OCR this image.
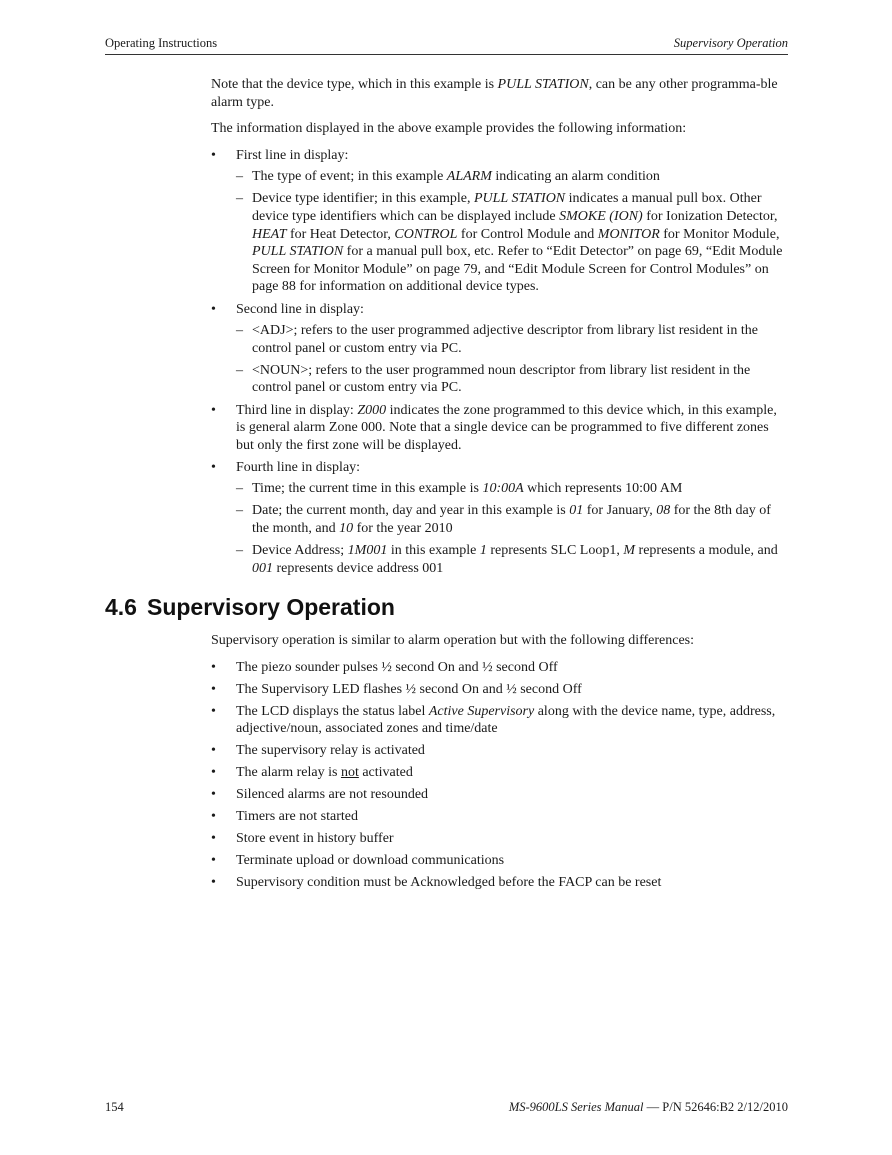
Operating Instructions	Supervisory Operation

Note that the device type, which in this example is PULL STATION, can be any other programma-ble alarm type.

The information displayed in the above example provides the following information:

• First line in display:
– The type of event; in this example ALARM indicating an alarm condition
– Device type identifier; in this example, PULL STATION indicates a manual pull box. Other device type identifiers which can be displayed include SMOKE (ION) for Ionization Detector, HEAT for Heat Detector, CONTROL for Control Module and MONITOR for Monitor Module, PULL STATION for a manual pull box, etc. Refer to “Edit Detector” on page 69, “Edit Module Screen for Monitor Module” on page 79, and “Edit Module Screen for Control Modules” on page 88 for information on additional device types.
• Second line in display:
– <ADJ>; refers to the user programmed adjective descriptor from library list resident in the control panel or custom entry via PC.
– <NOUN>; refers to the user programmed noun descriptor from library list resident in the control panel or custom entry via PC.
• Third line in display: Z000 indicates the zone programmed to this device which, in this example, is general alarm Zone 000. Note that a single device can be programmed to five different zones but only the first zone will be displayed.
• Fourth line in display:
– Time; the current time in this example is 10:00A which represents 10:00 AM
– Date; the current month, day and year in this example is 01 for January, 08 for the 8th day of the month, and 10 for the year 2010
– Device Address; 1M001 in this example 1 represents SLC Loop1, M represents a module, and 001 represents device address 001
4.6 Supervisory Operation

Supervisory operation is similar to alarm operation but with the following differences:

• The piezo sounder pulses ½ second On and ½ second Off
• The Supervisory LED flashes ½ second On and ½ second Off
• The LCD displays the status label Active Supervisory along with the device name, type, address, adjective/noun, associated zones and time/date
• The supervisory relay is activated
• The alarm relay is not activated
• Silenced alarms are not resounded
• Timers are not started
• Store event in history buffer
• Terminate upload or download communications
• Supervisory condition must be Acknowledged before the FACP can be reset
154	MS-9600LS Series Manual — P/N 52646:B2 2/12/2010
